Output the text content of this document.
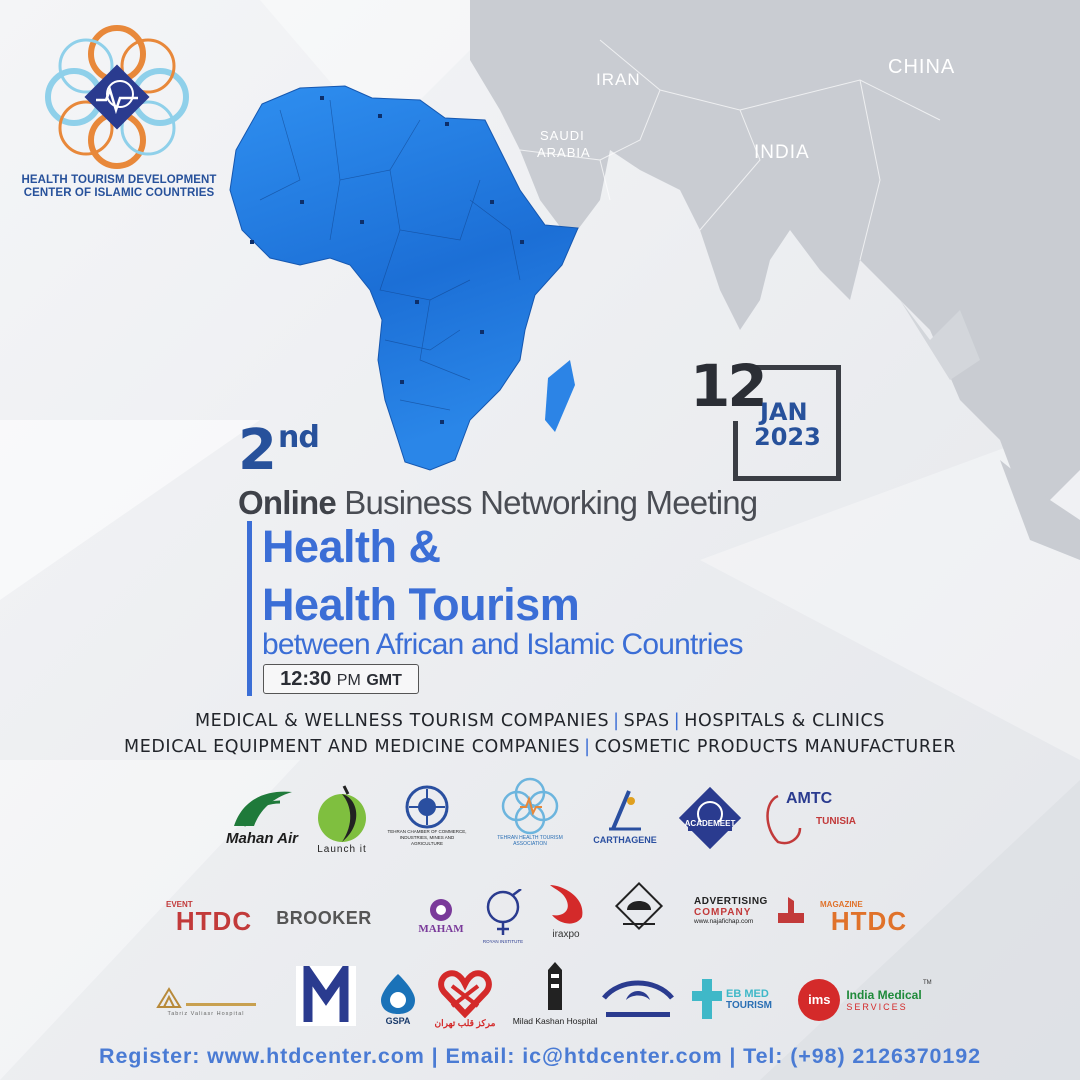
IRAN
CHINA
INDIA
SAUDI
ARABIA
HEALTH TOURISM DEVELOPMENT
CENTER OF ISLAMIC COUNTRIES
12
JAN
2023
2nd
Online Business Networking Meeting
Health &
Health Tourism
between African and Islamic Countries
12:30 PM GMT
MEDICAL & WELLNESS TOURISM COMPANIES | SPAS | HOSPITALS & CLINICS
MEDICAL EQUIPMENT AND MEDICINE COMPANIES | COSMETIC PRODUCTS MANUFACTURER
Mahan Air
Launch it
TEHRAN CHAMBER OF COMMERCE, INDUSTRIES, MINES AND AGRICULTURE
TEHRAN HEALTH TOURISM ASSOCIATION	CARTHAGENE
ACADEMEET
AMTC
TUNISIA
EVENT
HTDC BROOKER
MAHAM
ROYAN INSTITUTE
iraxpo
ADVERTISING
COMPANY
www.najafichap.com
MAGAZINE
HTDC
Tabriz Valiasr Hospital
GSPA	مرکز قلب تهران Milad Kashan Hospital
EB MED
TOURISM	ims	India Medical
SERVICES
TM
Register: www.htdcenter.com | Email: ic@htdcenter.com | Tel: (+98) 2126370192
